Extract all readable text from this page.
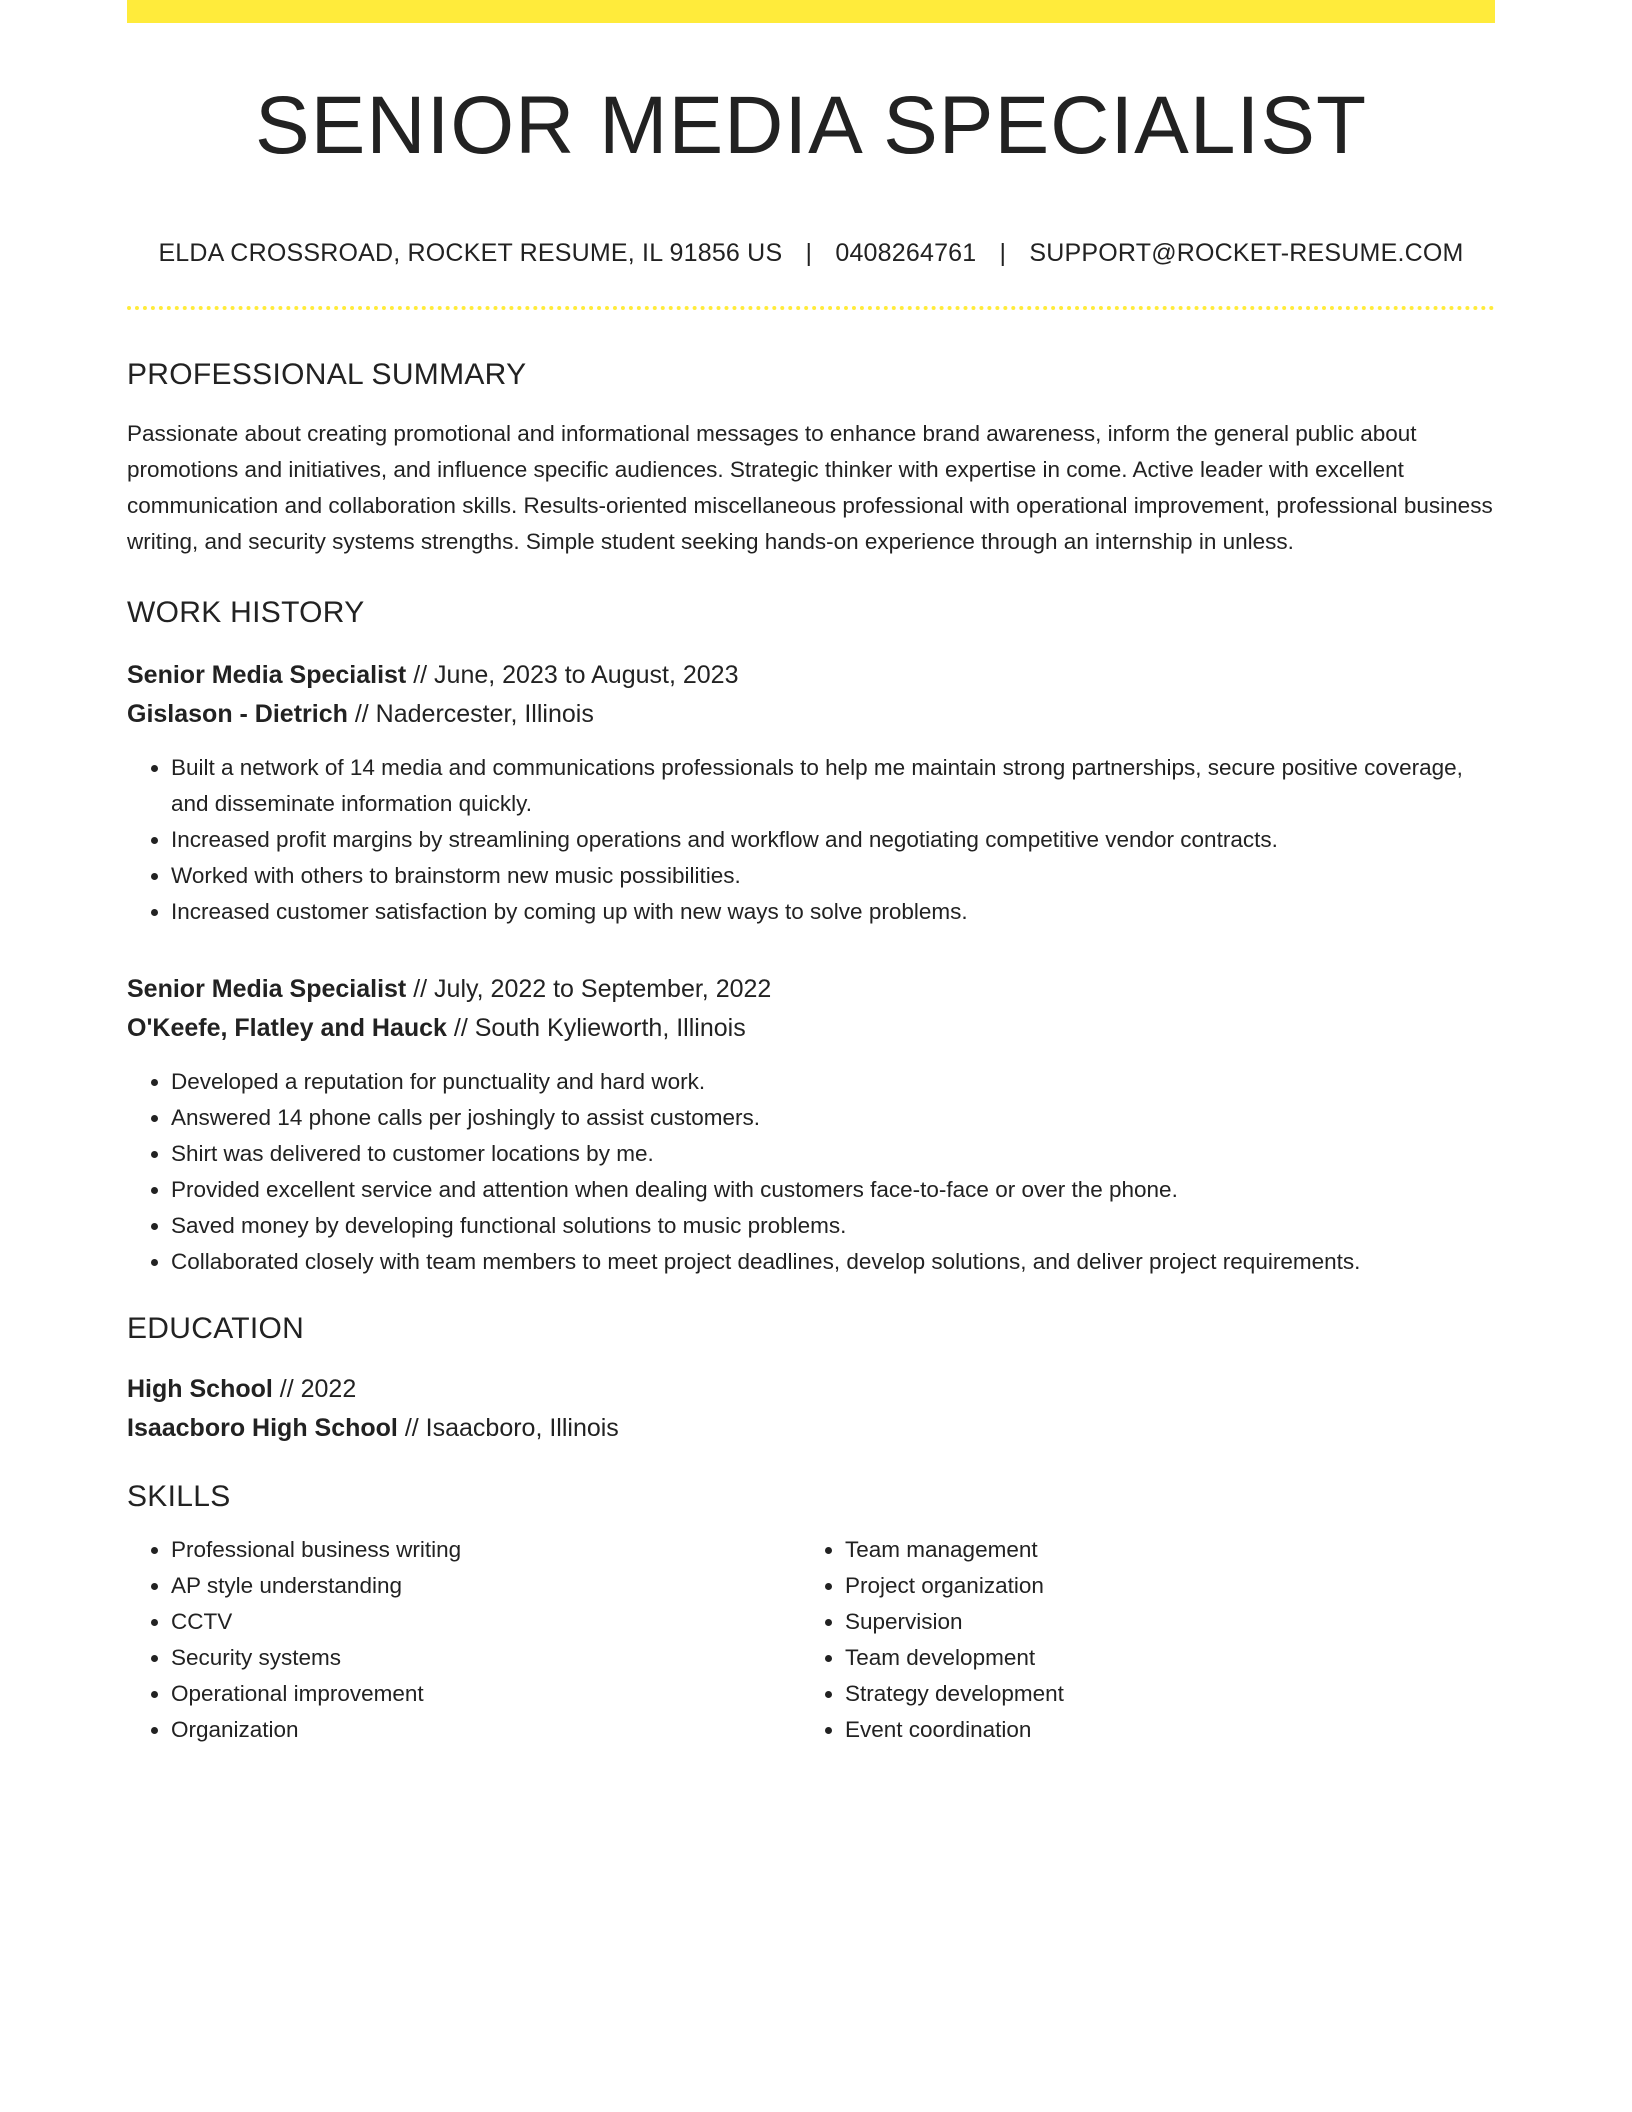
SENIOR MEDIA SPECIALIST
ELDA CROSSROAD, ROCKET RESUME, IL 91856 US | 0408264761 | SUPPORT@ROCKET-RESUME.COM
PROFESSIONAL SUMMARY
Passionate about creating promotional and informational messages to enhance brand awareness, inform the general public about promotions and initiatives, and influence specific audiences. Strategic thinker with expertise in come. Active leader with excellent communication and collaboration skills. Results-oriented miscellaneous professional with operational improvement, professional business writing, and security systems strengths. Simple student seeking hands-on experience through an internship in unless.
WORK HISTORY
Senior Media Specialist // June, 2023 to August, 2023
Gislason - Dietrich // Nadercester, Illinois
• Built a network of 14 media and communications professionals to help me maintain strong partnerships, secure positive coverage, and disseminate information quickly.
• Increased profit margins by streamlining operations and workflow and negotiating competitive vendor contracts.
• Worked with others to brainstorm new music possibilities.
• Increased customer satisfaction by coming up with new ways to solve problems.
Senior Media Specialist // July, 2022 to September, 2022
O'Keefe, Flatley and Hauck // South Kylieworth, Illinois
• Developed a reputation for punctuality and hard work.
• Answered 14 phone calls per joshingly to assist customers.
• Shirt was delivered to customer locations by me.
• Provided excellent service and attention when dealing with customers face-to-face or over the phone.
• Saved money by developing functional solutions to music problems.
• Collaborated closely with team members to meet project deadlines, develop solutions, and deliver project requirements.
EDUCATION
High School // 2022
Isaacboro High School // Isaacboro, Illinois
SKILLS
• Professional business writing
• AP style understanding
• CCTV
• Security systems
• Operational improvement
• Organization
• Team management
• Project organization
• Supervision
• Team development
• Strategy development
• Event coordination
